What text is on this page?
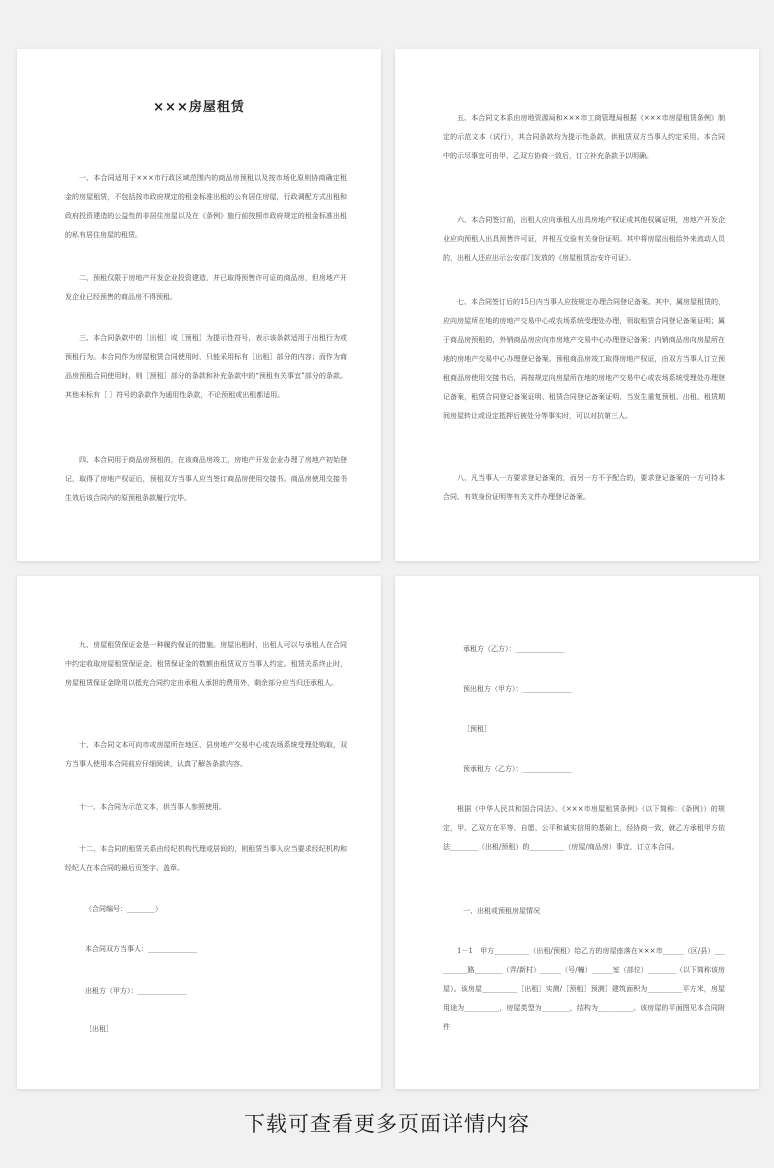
×××房屋租赁
一、本合同适用于×××市行政区域范围内的商品房预租以及按市场化原则协商确定租金的房屋租赁，不包括按市政府规定的租金标准出租的公有居住房屋，行政调配方式出租和政府投资建造的公益性的非居住房屋以及在《条例》施行前按照市政府规定的租金标准出租的私有居住房屋的租赁。
二、预租仅限于房地产开发企业投资建造，并已取得预售许可证的商品房，但房地产开发企业已经预售的商品房不得预租。
三、本合同条款中的［出租］或［预租］为提示性符号，表示该条款适用于出租行为或预租行为。本合同作为房屋租赁合同使用时，只能采用标有［出租］部分的内容；而作为商品房预租合同使用时，则［预租］部分的条款和补充条款中的“预租有关事宜”部分的条款。其他未标有［ ］符号的条款作为通用性条款，不论预租或出租都适用。
四、本合同用于商品房预租的，在该商品房竣工，房地产开发企业办理了房地产初始登记，取得了房地产权证后，预租双方当事人应当签订商品房使用交接书。商品房使用交接书生效后该合同内的原预租条款履行完毕。
五、本合同文本系由房地资源局和×××市工商管理局根据《×××市房屋租赁条例》制定的示范文本（试行），其合同条款均为提示性条款，供租赁双方当事人约定采用。本合同中的示尽事宜可由甲、乙双方协商一致后，订立补充条款予以明确。
六、本合同签订前，出租人应向承租人出具房地产权证或其他权属证明，房地产开发企业应向预租人出具预售许可证，并相互交验有关身份证明。其中将房屋出租给外来流动人员的，出租人还应出示公安部门发放的《房屋租赁治安许可证》。
七、本合同签订后的15日内当事人应按规定办理合同登记备案。其中，属房屋租赁的，应向房屋所在地的房地产交易中心或农场系统受理处办理，领取租赁合同登记备案证明；属于商品房预租的，外销商品房应向市房地产交易中心办理登记备案；内销商品房向房屋所在地的房地产交易中心办理登记备案。预租商品房竣工取得房地产权证，由双方当事人订立预租商品房使用交接书后，再按规定向房屋所在地的房地产交易中心或农场系统受理处办理登记备案，租赁合同登记备案证明、租赁合同登记备案证明、当发生重复预租、出租、租赁期间房屋转让或设定抵押后被处分等事实时，可以对抗第三人。
八、凡当事人一方要求登记备案的，而另一方不予配合的，要求登记备案的一方可持本合同、有效身份证明等有关文件办理登记备案。
九、房屋租赁保证金是一种履约保证的措施。房屋出租时，出租人可以与承租人在合同中约定收取房屋租赁保证金。租赁保证金的数额由租赁双方当事人约定。租赁关系终止时，房屋租赁保证金除用以抵充合同约定由承租人承担的费用外，剩余部分应当归还承租人。
十、本合同文本可向市或房屋所在地区、县房地产交易中心或农场系统受理处购取，双方当事人使用本合同前应仔细阅读，认真了解各条款内容。
十一、本合同为示范文本，供当事人参照使用。
十二、本合同的租赁关系由经纪机构代理或居间的，则租赁当事人应当要求经纪机构和经纪人在本合同的最后页签字、盖章。
（合同编号：________）
本合同双方当事人：______________
出租方（甲方）：______________
［出租］
承租方（乙方）：______________
预出租方（甲方）：______________
［预租］
预承租方（乙方）：______________
根据《中华人民共和国合同法》、《×××市房屋租赁条例》（以下简称：《条例》）的规定，甲、乙双方在平等、自愿、公平和诚实信用的基础上，经协商一致，就乙方承租甲方依法________（出租/预租）的__________（房屋/商品房）事宜，订立本合同。
一、出租或预租房屋情况
1－1　甲方__________（出租/预租）给乙方的房屋座落在×××市______（区/县）__________路________（弄/新村）______（号/幢）______室（部位）________（以下简称该房屋）。该房屋__________［出租］实测/［预租］预测］建筑面积为__________平方米，房屋用途为__________，房屋类型为________，结构为__________。该房屋的平面图见本合同附件
下载可查看更多页面详情内容
